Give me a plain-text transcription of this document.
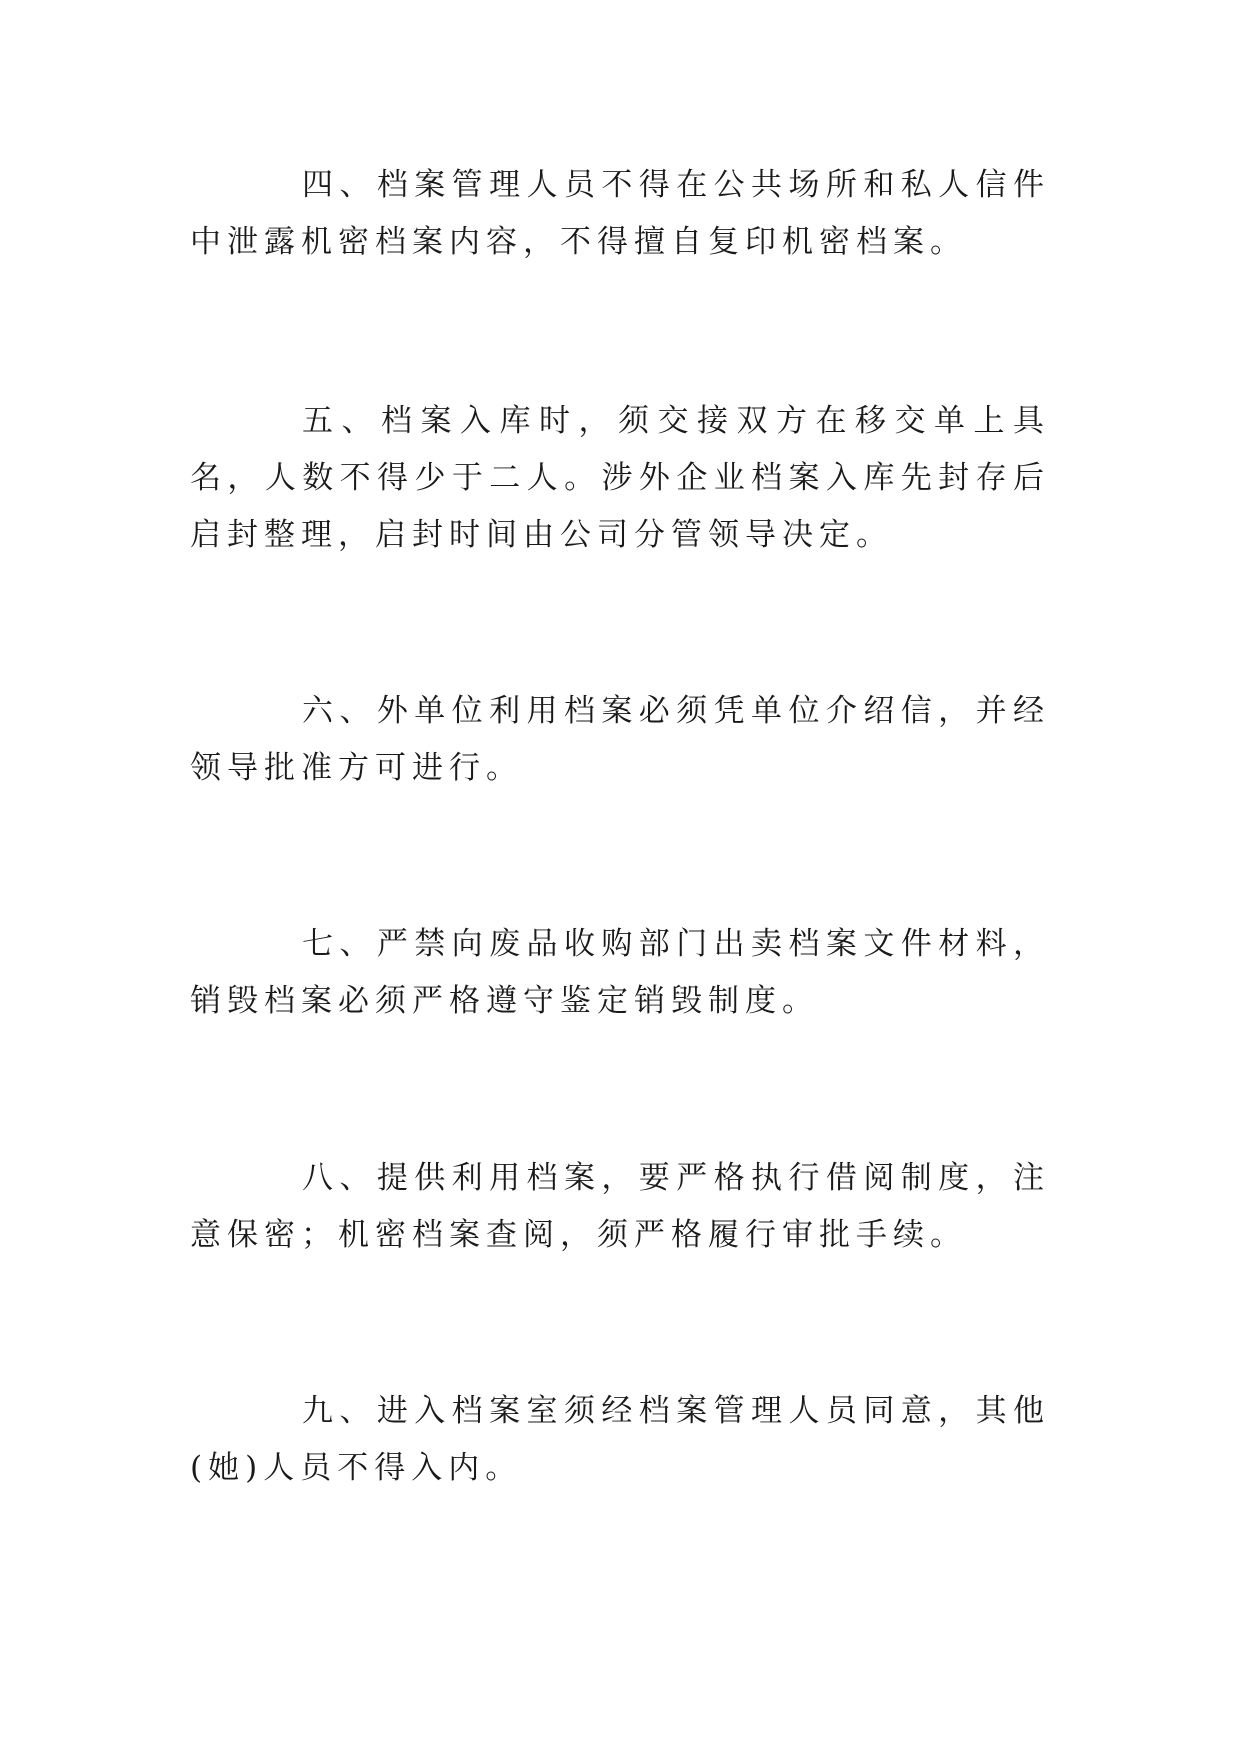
四、档案管理人员不得在公共场所和私人信件中泄露机密档案内容，不得擅自复印机密档案。

五、档案入库时，须交接双方在移交单上具名，人数不得少于二人。涉外企业档案入库先封存后启封整理，启封时间由公司分管领导决定。

六、外单位利用档案必须凭单位介绍信，并经领导批准方可进行。

七、严禁向废品收购部门出卖档案文件材料，销毁档案必须严格遵守鉴定销毁制度。

八、提供利用档案，要严格执行借阅制度，注意保密；机密档案查阅，须严格履行审批手续。

九、进入档案室须经档案管理人员同意，其他(她)人员不得入内。
